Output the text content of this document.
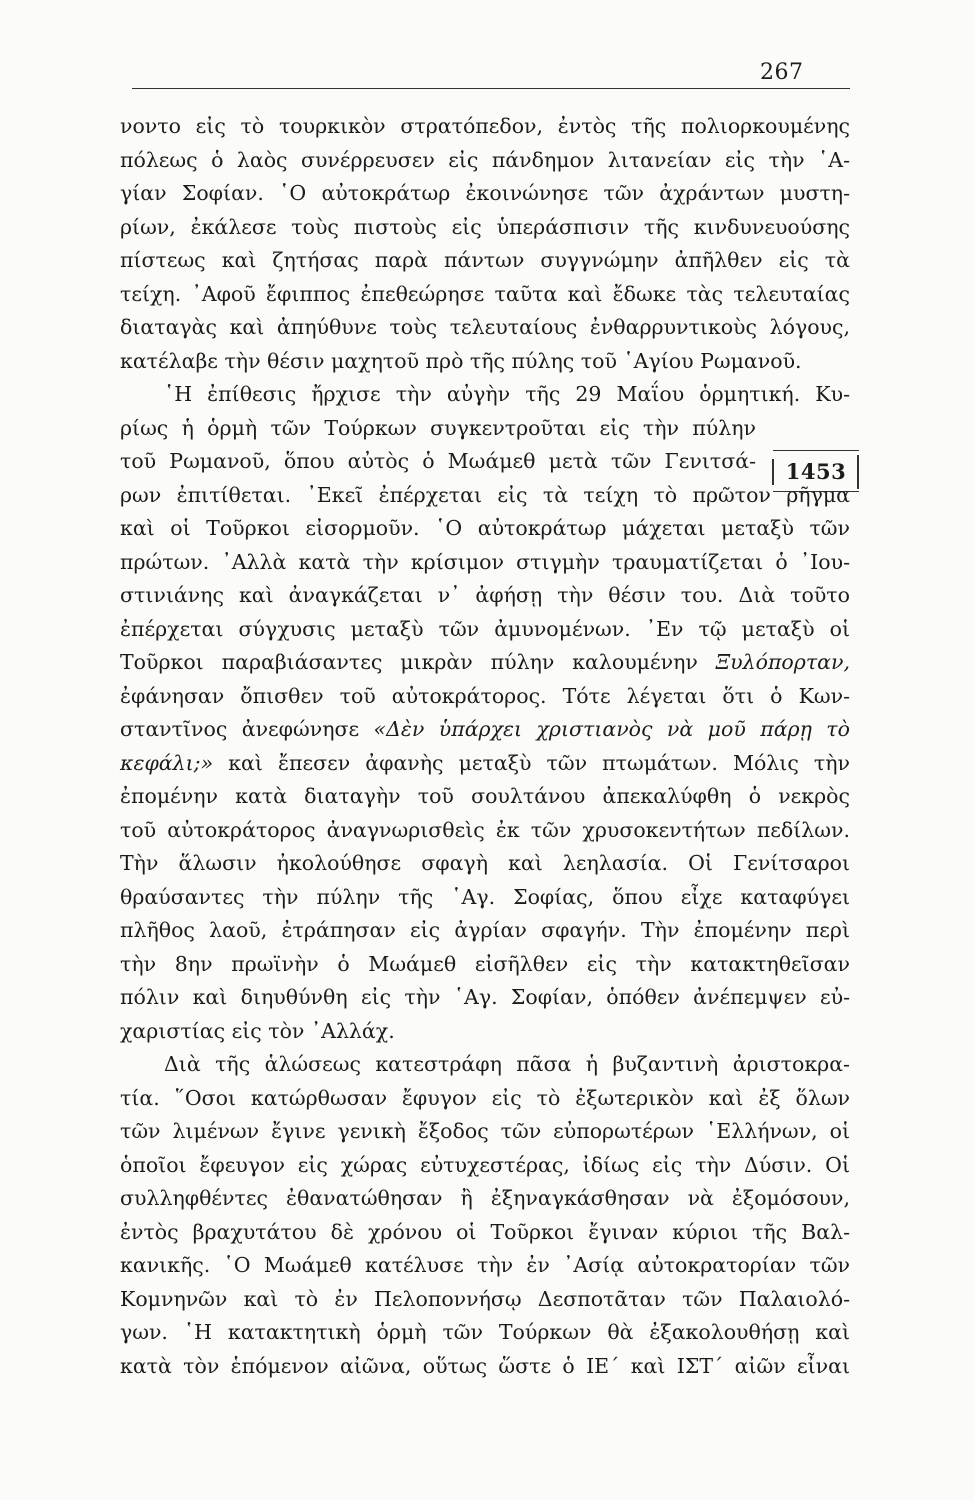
267
1453
νοντο εἰς τὸ τουρκικὸν στρατόπεδον, ἐντὸς τῆς πολιορκουμένης
πόλεως ὁ λαὸς συνέρρευσεν εἰς πάνδημον λιτανείαν εἰς τὴν ῾Α-
γίαν Σοφίαν. ῾Ο αὐτοκράτωρ ἐκοινώνησε τῶν ἀχράντων μυστη-
ρίων, ἐκάλεσε τοὺς πιστοὺς εἰς ὑπεράσπισιν τῆς κινδυνευούσης
πίστεως καὶ ζητήσας παρὰ πάντων συγγνώμην ἀπῆλθεν εἰς τὰ
τείχη. ᾿Αφοῦ ἔφιππος ἐπεθεώρησε ταῦτα καὶ ἔδωκε τὰς τελευταίας
διαταγὰς καὶ ἀπηύθυνε τοὺς τελευταίους ἐνθαρρυντικοὺς λόγους,
κατέλαβε τὴν θέσιν μαχητοῦ πρὸ τῆς πύλης τοῦ ῾Αγίου Ρωμανοῦ.
῾Η ἐπίθεσις ἤρχισε τὴν αὐγὴν τῆς 29 Μαΐου ὁρμητική. Κυ-
ρίως ἡ ὁρμὴ τῶν Τούρκων συγκεντροῦται εἰς τὴν πύλην
τοῦ Ρωμανοῦ, ὅπου αὐτὸς ὁ Μωάμεθ μετὰ τῶν Γενιτσά-
ρων ἐπιτίθεται. ᾿Εκεῖ ἐπέρχεται εἰς τὰ τείχη τὸ πρῶτον ρῆγμα
καὶ οἱ Τοῦρκοι εἰσορμοῦν. ῾Ο αὐτοκράτωρ μάχεται μεταξὺ τῶν
πρώτων. ᾿Αλλὰ κατὰ τὴν κρίσιμον στιγμὴν τραυματίζεται ὁ ᾿Ιου-
στινιάνης καὶ ἀναγκάζεται ν᾿ ἀφήσῃ τὴν θέσιν του. Διὰ τοῦτο
ἐπέρχεται σύγχυσις μεταξὺ τῶν ἀμυνομένων. ᾿Εν τῷ μεταξὺ οἱ
Τοῦρκοι παραβιάσαντες μικρὰν πύλην καλουμένην Ξυλόπορταν,
ἐφάνησαν ὄπισθεν τοῦ αὐτοκράτορος. Τότε λέγεται ὅτι ὁ Κων-
σταντῖνος ἀνεφώνησε «Δὲν ὑπάρχει χριστιανὸς νὰ μοῦ πάρῃ τὸ
κεφάλι;» καὶ ἔπεσεν ἀφανὴς μεταξὺ τῶν πτωμάτων. Μόλις τὴν
ἐπομένην κατὰ διαταγὴν τοῦ σουλτάνου ἀπεκαλύφθη ὁ νεκρὸς
τοῦ αὐτοκράτορος ἀναγνωρισθεὶς ἐκ τῶν χρυσοκεντήτων πεδίλων.
Τὴν ἅλωσιν ἠκολούθησε σφαγὴ καὶ λεηλασία. Οἱ Γενίτσαροι
θραύσαντες τὴν πύλην τῆς ῾Αγ. Σοφίας, ὅπου εἶχε καταφύγει
πλῆθος λαοῦ, ἐτράπησαν εἰς ἀγρίαν σφαγήν. Τὴν ἐπομένην περὶ
τὴν 8ην πρωϊνὴν ὁ Μωάμεθ εἰσῆλθεν εἰς τὴν κατακτηθεῖσαν
πόλιν καὶ διηυθύνθη εἰς τὴν ῾Αγ. Σοφίαν, ὁπόθεν ἀνέπεμψεν εὐ-
χαριστίας εἰς τὸν ᾿Αλλάχ.
Διὰ τῆς ἁλώσεως κατεστράφη πᾶσα ἡ βυζαντινὴ ἀριστοκρα-
τία. ῞Οσοι κατώρθωσαν ἔφυγον εἰς τὸ ἐξωτερικὸν καὶ ἐξ ὅλων
τῶν λιμένων ἔγινε γενικὴ ἔξοδος τῶν εὐπορωτέρων ῾Ελλήνων, οἱ
ὁποῖοι ἔφευγον εἰς χώρας εὐτυχεστέρας, ἰδίως εἰς τὴν Δύσιν. Οἱ
συλληφθέντες ἐθανατώθησαν ἢ ἐξηναγκάσθησαν νὰ ἐξομόσουν,
ἐντὸς βραχυτάτου δὲ χρόνου οἱ Τοῦρκοι ἔγιναν κύριοι τῆς Βαλ-
κανικῆς. ῾Ο Μωάμεθ κατέλυσε τὴν ἐν ᾿Ασίᾳ αὐτοκρατορίαν τῶν
Κομνηνῶν καὶ τὸ ἐν Πελοποννήσῳ Δεσποτᾶταν τῶν Παλαιολό-
γων. ῾Η κατακτητικὴ ὁρμὴ τῶν Τούρκων θὰ ἐξακολουθήσῃ καὶ
κατὰ τὸν ἑπόμενον αἰῶνα, οὕτως ὥστε ὁ ΙΕ´ καὶ ΙΣΤ´ αἰῶν εἶναι
